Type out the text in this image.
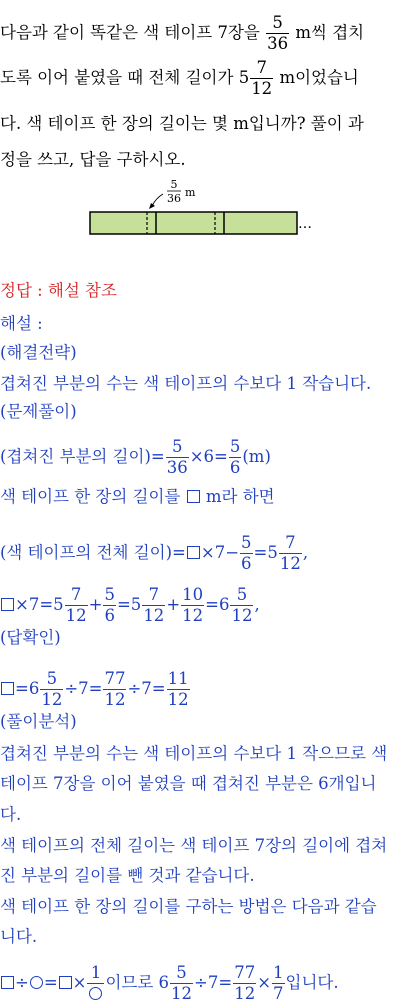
다음과 같이 똑같은 색 테이프 7장을 $\frac{5}{36}$ m씩 겹치
도록 이어 붙였을 때 전체 길이가 $5 \frac{7}{12}$ m이었습니
다. 색 테이프 한 장의 길이는 몇 m입니까? 풀이 과
정을 쓰고, 답을 구하시오.
5
36 m
…
정답 : 해설 참조
해설 :
(해결전략)
겹쳐진 부분의 수는 색 테이프의 수보다 1 작습니다.
(문제풀이)
(겹쳐진 부분의 길이)= $\frac{5}{36} \times 6= \frac{5}{6} (m)$
색 테이프 한 장의 길이를 m라 하면
(색 테이프의 전체 길이)= $\times 7- \frac{5}{6} =5 \frac{7}{12}$ ,
$\times 7=5 \frac{7}{12} + \frac{5}{6} =5 \frac{7}{12} + \frac{10}{12} =6 \frac{5}{12}$ ,
(답확인)
$=6 \frac{5}{12} \div 7= \frac{77}{12} \div 7= \frac{11}{12}$
(풀이분석)
겹쳐진 부분의 수는 색 테이프의 수보다 1 작으므로 색
테이프 7장을 이어 붙였을 때 겹쳐진 부분은 6개입니
다.
색 테이프의 전체 길이는 색 테이프 7장의 길이에 겹쳐
진 부분의 길이를 뺀 것과 같습니다.
색 테이프 한 장의 길이를 구하는 방법은 다음과 같습
니다.
÷ = ×
1
이므로 $6 \frac{5}{12} \div 7= \frac{77}{12} \times \frac{1}{7}$ 입니다.
